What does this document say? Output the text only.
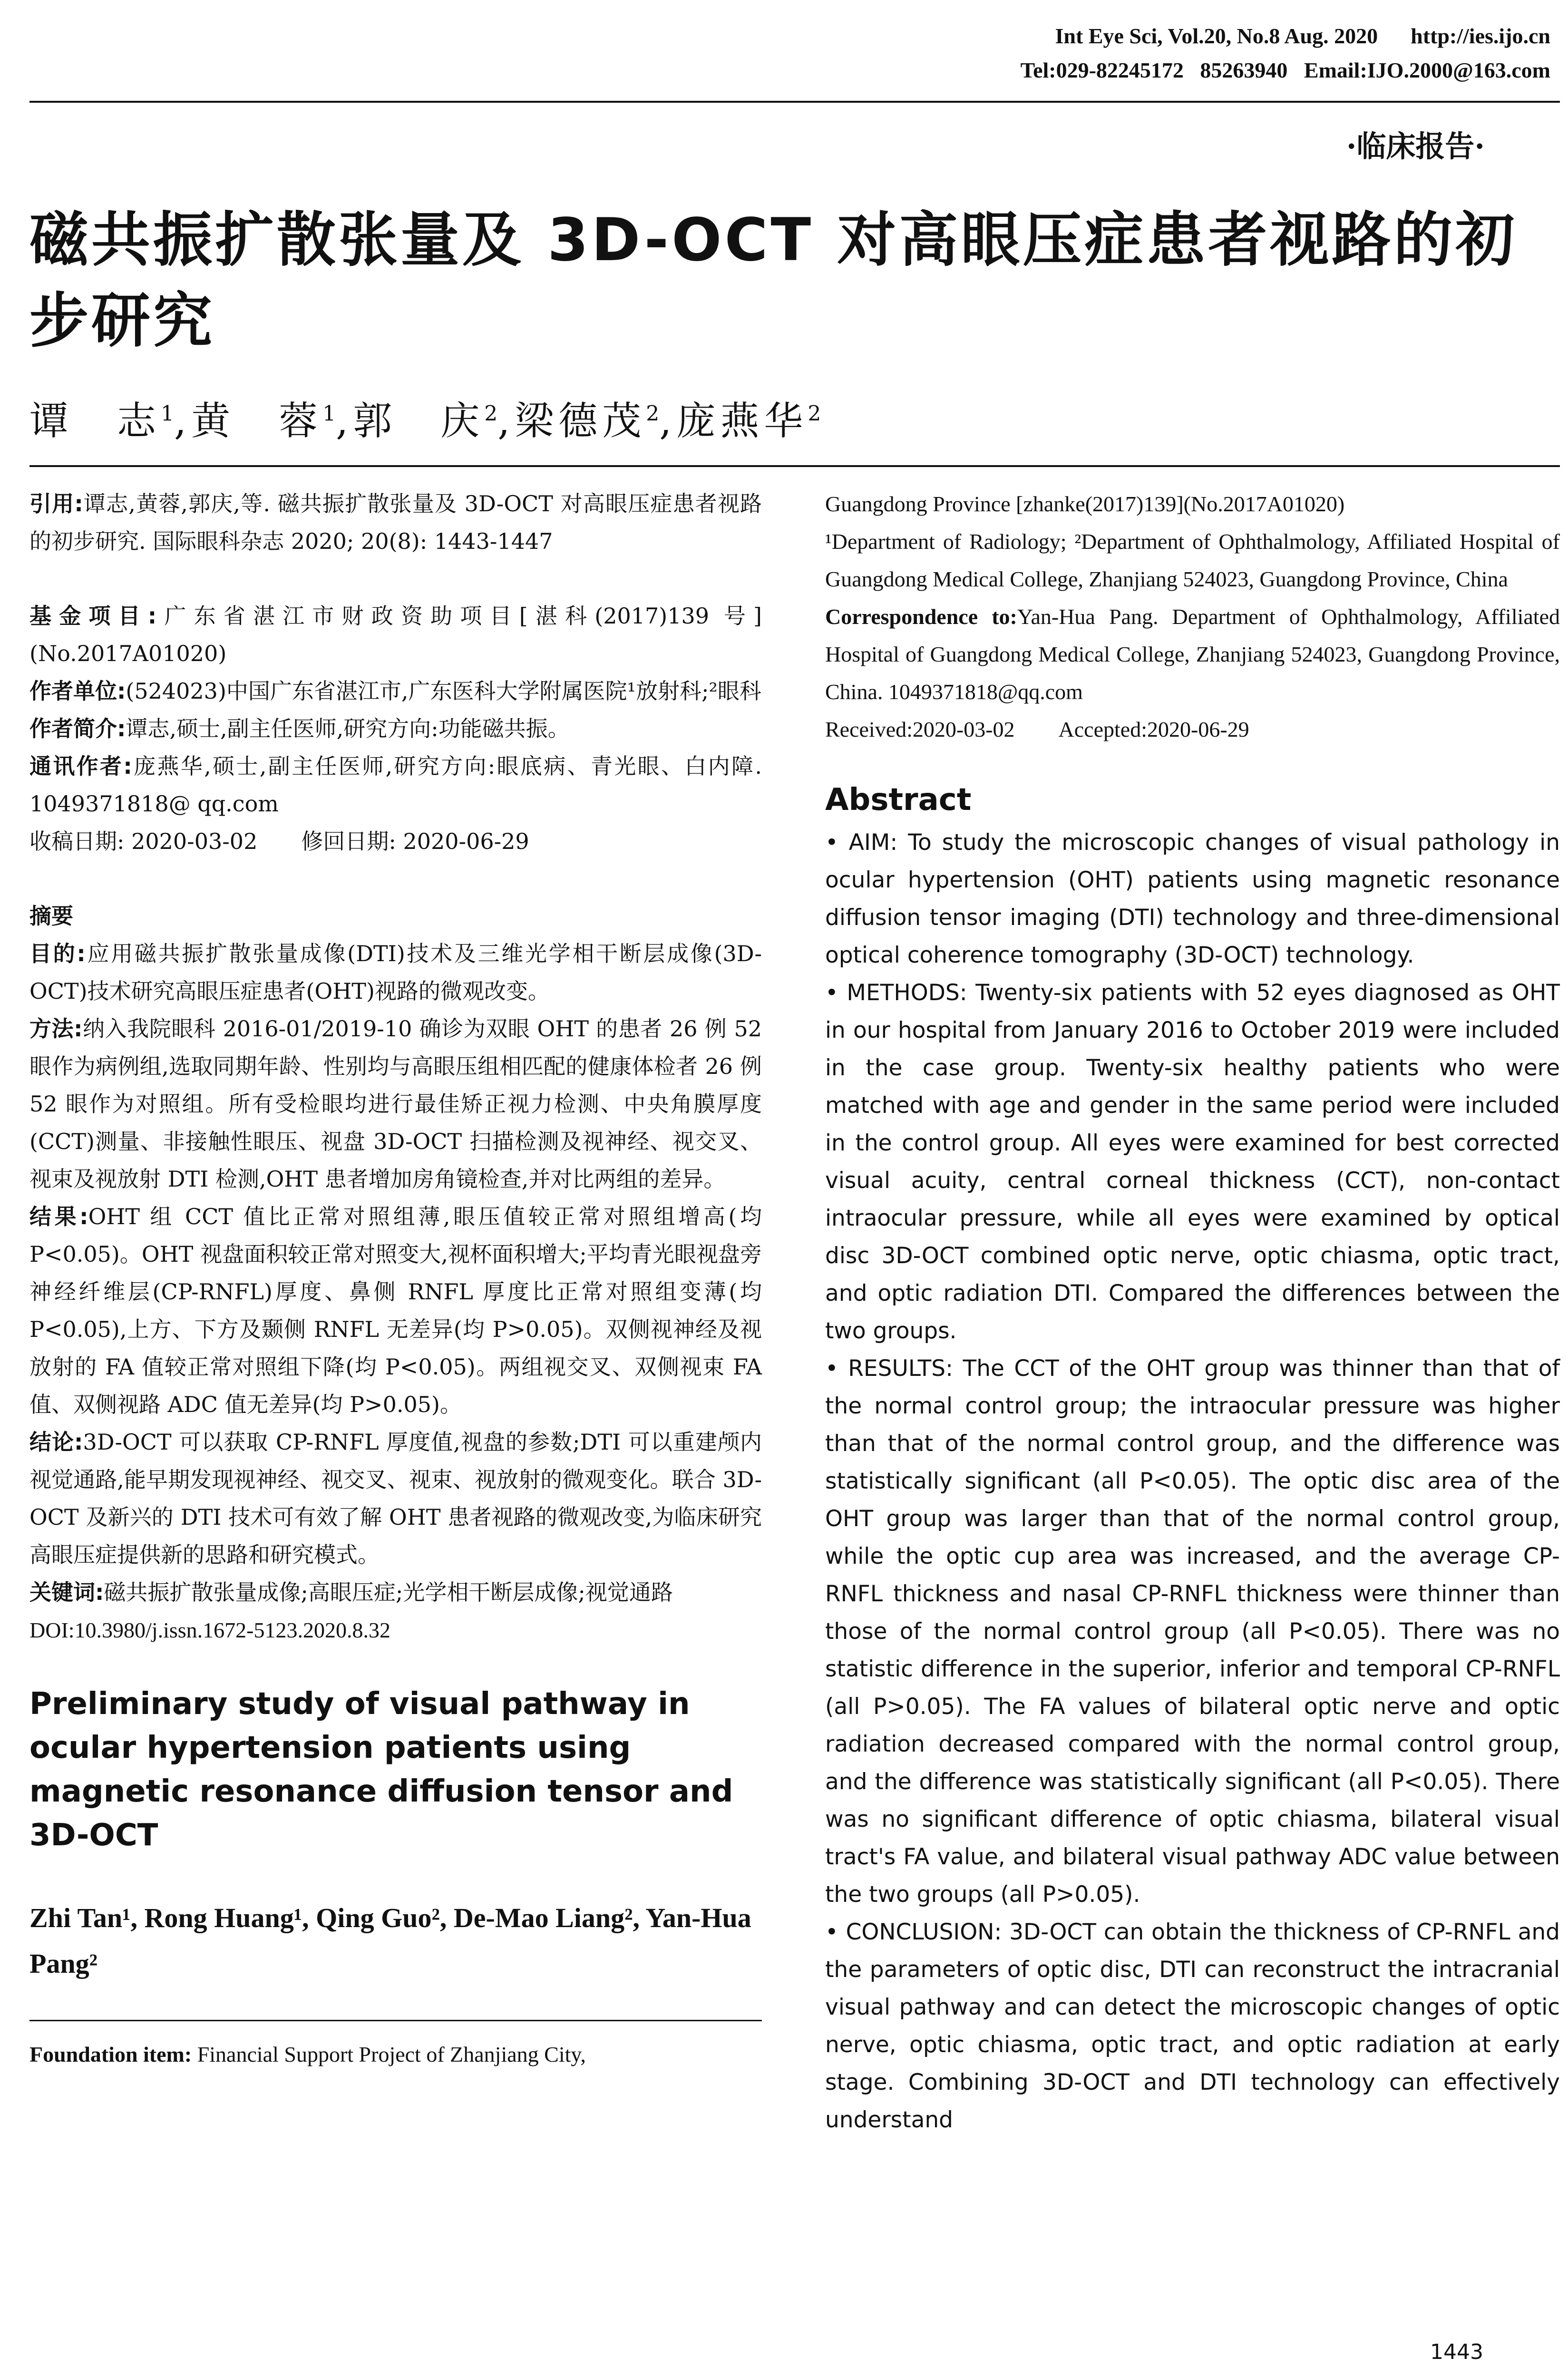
Int Eye Sci, Vol.20, No.8 Aug. 2020      http://ies.ijo.cn
Tel:029-82245172   85263940   Email:IJO.2000@163.com
·临床报告·
磁共振扩散张量及 3D-OCT 对高眼压症患者视路的初步研究
谭　志$^1$,黄　蓉$^1$,郭　庆$^2$,梁德茂$^2$,庞燕华$^2$

引用:谭志,黄蓉,郭庆,等. 磁共振扩散张量及 3D-OCT 对高眼压症患者视路的初步研究. 国际眼科杂志 2020; 20(8): 1443-1447

基金项目:广东省湛江市财政资助项目[湛科(2017)139 号](No.2017A01020)

作者单位:(524023)中国广东省湛江市,广东医科大学附属医院¹放射科;²眼科

作者简介:谭志,硕士,副主任医师,研究方向:功能磁共振。

通讯作者:庞燕华,硕士,副主任医师,研究方向:眼底病、青光眼、白内障. 1049371818@ qq.com

收稿日期: 2020-03-02　　修回日期: 2020-06-29

摘要

目的:应用磁共振扩散张量成像(DTI)技术及三维光学相干断层成像(3D-OCT)技术研究高眼压症患者(OHT)视路的微观改变。

方法:纳入我院眼科 2016-01/2019-10 确诊为双眼 OHT 的患者 26 例 52 眼作为病例组,选取同期年龄、性别均与高眼压组相匹配的健康体检者 26 例 52 眼作为对照组。所有受检眼均进行最佳矫正视力检测、中央角膜厚度(CCT)测量、非接触性眼压、视盘 3D-OCT 扫描检测及视神经、视交叉、视束及视放射 DTI 检测,OHT 患者增加房角镜检查,并对比两组的差异。

结果:OHT 组 CCT 值比正常对照组薄,眼压值较正常对照组增高(均 P<0.05)。OHT 视盘面积较正常对照变大,视杯面积增大;平均青光眼视盘旁神经纤维层(CP-RNFL)厚度、鼻侧 RNFL 厚度比正常对照组变薄(均 P<0.05),上方、下方及颞侧 RNFL 无差异(均 P>0.05)。双侧视神经及视放射的 FA 值较正常对照组下降(均 P<0.05)。两组视交叉、双侧视束 FA 值、双侧视路 ADC 值无差异(均 P>0.05)。

结论:3D-OCT 可以获取 CP-RNFL 厚度值,视盘的参数;DTI 可以重建颅内视觉通路,能早期发现视神经、视交叉、视束、视放射的微观变化。联合 3D-OCT 及新兴的 DTI 技术可有效了解 OHT 患者视路的微观改变,为临床研究高眼压症提供新的思路和研究模式。

关键词:磁共振扩散张量成像;高眼压症;光学相干断层成像;视觉通路

DOI:10.3980/j.issn.1672-5123.2020.8.32

Preliminary study of visual pathway in ocular hypertension patients using magnetic resonance diffusion tensor and 3D-OCT
Zhi Tan¹, Rong Huang¹, Qing Guo², De-Mao Liang², Yan-Hua Pang²

Foundation item: Financial Support Project of Zhanjiang City,

Guangdong Province [zhanke(2017)139](No.2017A01020)

¹Department of Radiology; ²Department of Ophthalmology, Affiliated Hospital of Guangdong Medical College, Zhanjiang 524023, Guangdong Province, China

Correspondence to:Yan-Hua Pang. Department of Ophthalmology, Affiliated Hospital of Guangdong Medical College, Zhanjiang 524023, Guangdong Province, China. 1049371818@qq.com

Received:2020-03-02　　Accepted:2020-06-29

Abstract

• AIM: To study the microscopic changes of visual pathology in ocular hypertension (OHT) patients using magnetic resonance diffusion tensor imaging (DTI) technology and three-dimensional optical coherence tomography (3D-OCT) technology.

• METHODS: Twenty-six patients with 52 eyes diagnosed as OHT in our hospital from January 2016 to October 2019 were included in the case group. Twenty-six healthy patients who were matched with age and gender in the same period were included in the control group. All eyes were examined for best corrected visual acuity, central corneal thickness (CCT), non-contact intraocular pressure, while all eyes were examined by optical disc 3D-OCT combined optic nerve, optic chiasma, optic tract, and optic radiation DTI. Compared the differences between the two groups.

• RESULTS: The CCT of the OHT group was thinner than that of the normal control group; the intraocular pressure was higher than that of the normal control group, and the difference was statistically significant (all P<0.05). The optic disc area of the OHT group was larger than that of the normal control group, while the optic cup area was increased, and the average CP-RNFL thickness and nasal CP-RNFL thickness were thinner than those of the normal control group (all P<0.05). There was no statistic difference in the superior, inferior and temporal CP-RNFL (all P>0.05). The FA values of bilateral optic nerve and optic radiation decreased compared with the normal control group, and the difference was statistically significant (all P<0.05). There was no significant difference of optic chiasma, bilateral visual tract's FA value, and bilateral visual pathway ADC value between the two groups (all P>0.05).

• CONCLUSION: 3D-OCT can obtain the thickness of CP-RNFL and the parameters of optic disc, DTI can reconstruct the intracranial visual pathway and can detect the microscopic changes of optic nerve, optic chiasma, optic tract, and optic radiation at early stage. Combining 3D-OCT and DTI technology can effectively understand

1443
